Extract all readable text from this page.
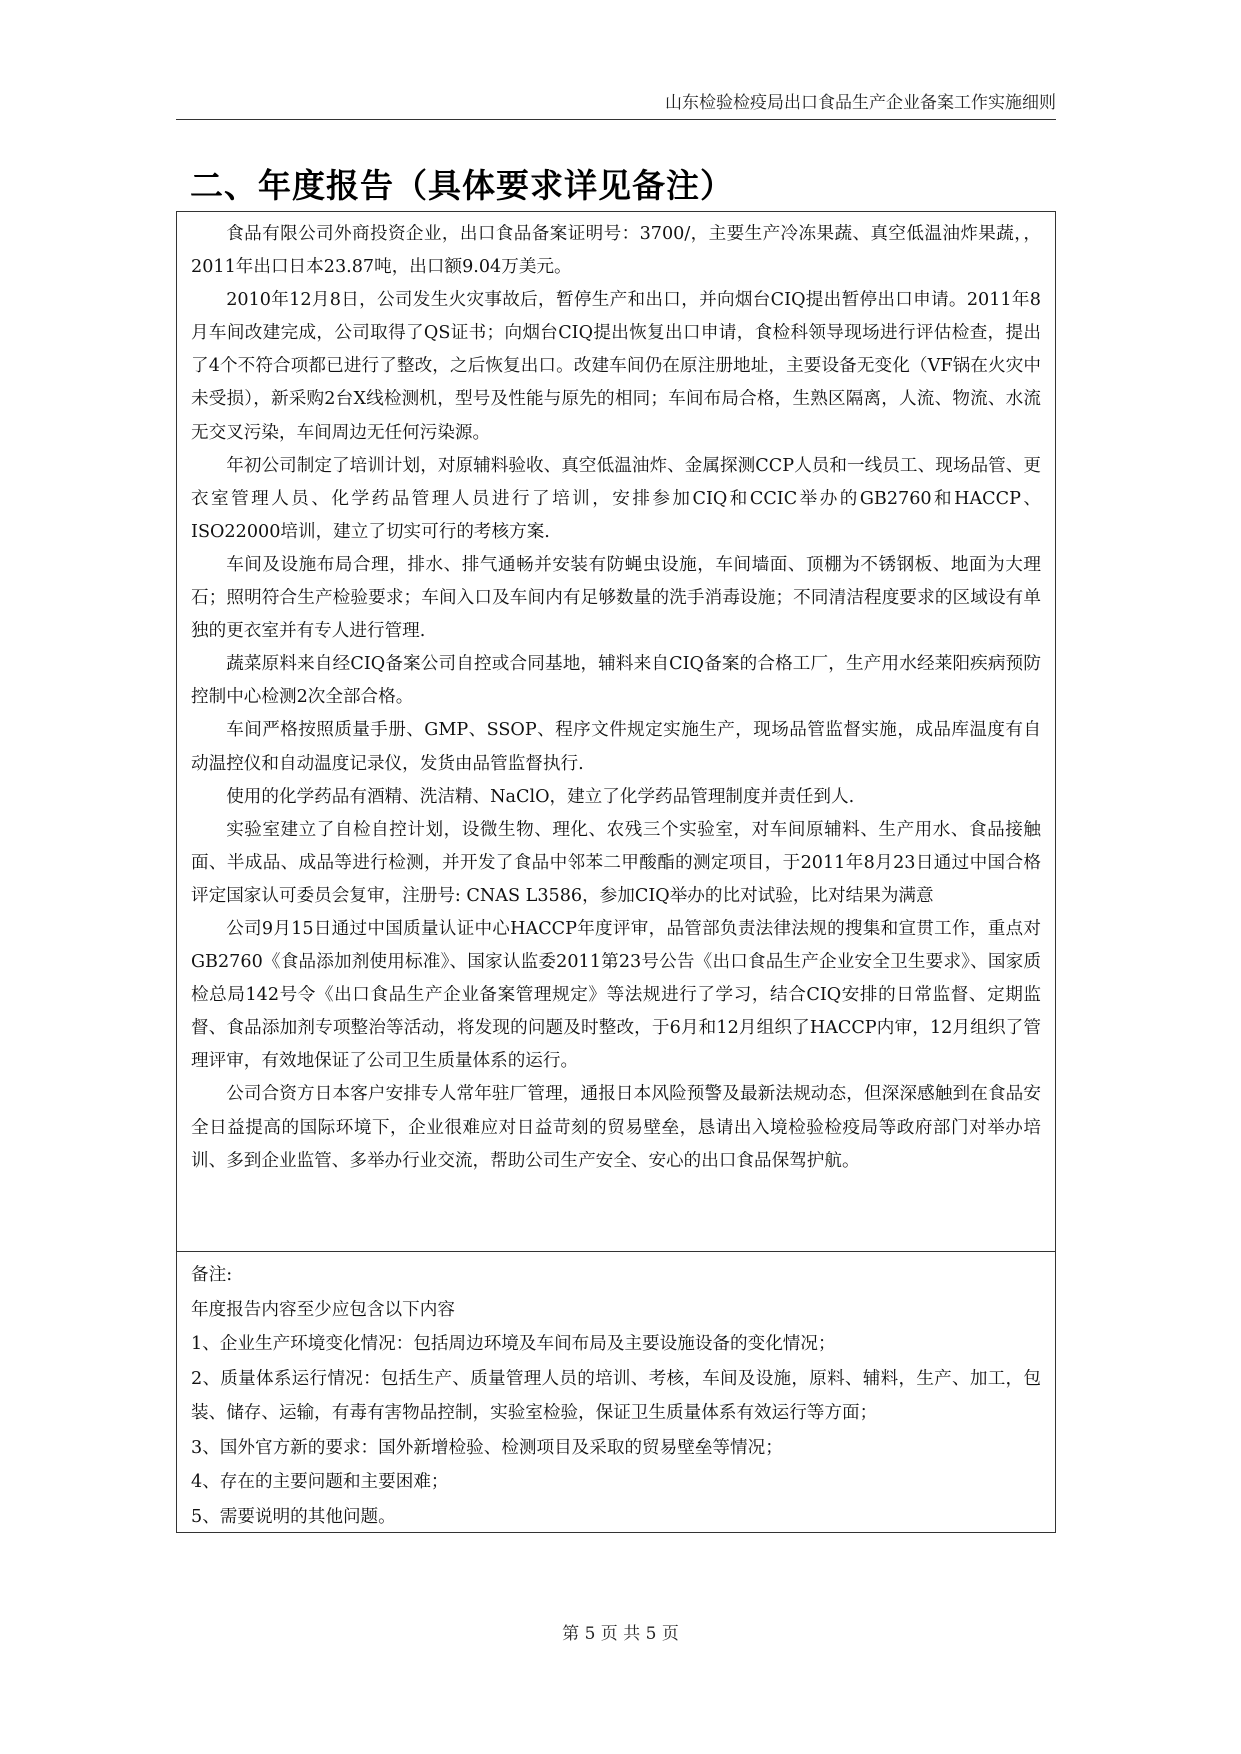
山东检验检疫局出口食品生产企业备案工作实施细则
二、年度报告（具体要求详见备注）

食品有限公司外商投资企业，出口食品备案证明号：3700/，主要生产冷冻果蔬、真空低温油炸果蔬，，2011年出口日本23.87吨，出口额9.04万美元。

2010年12月8日，公司发生火灾事故后，暂停生产和出口，并向烟台CIQ提出暂停出口申请。2011年8月车间改建完成，公司取得了QS证书；向烟台CIQ提出恢复出口申请，食检科领导现场进行评估检查，提出了4个不符合项都已进行了整改，之后恢复出口。改建车间仍在原注册地址，主要设备无变化（VF锅在火灾中未受损），新采购2台X线检测机，型号及性能与原先的相同；车间布局合格，生熟区隔离，人流、物流、水流无交叉污染，车间周边无任何污染源。

年初公司制定了培训计划，对原辅料验收、真空低温油炸、金属探测CCP人员和一线员工、现场品管、更衣室管理人员、化学药品管理人员进行了培训，安排参加CIQ和CCIC举办的GB2760和HACCP、ISO22000培训，建立了切实可行的考核方案.

车间及设施布局合理，排水、排气通畅并安装有防蝇虫设施，车间墙面、顶棚为不锈钢板、地面为大理石；照明符合生产检验要求；车间入口及车间内有足够数量的洗手消毒设施；不同清洁程度要求的区域设有单独的更衣室并有专人进行管理.

蔬菜原料来自经CIQ备案公司自控或合同基地，辅料来自CIQ备案的合格工厂，生产用水经莱阳疾病预防控制中心检测2次全部合格。

车间严格按照质量手册、GMP、SSOP、程序文件规定实施生产，现场品管监督实施，成品库温度有自动温控仪和自动温度记录仪，发货由品管监督执行.

使用的化学药品有酒精、洗洁精、NaClO，建立了化学药品管理制度并责任到人.

实验室建立了自检自控计划，设微生物、理化、农残三个实验室，对车间原辅料、生产用水、食品接触面、半成品、成品等进行检测，并开发了食品中邻苯二甲酸酯的测定项目，于2011年8月23日通过中国合格评定国家认可委员会复审，注册号: CNAS L3586，参加CIQ举办的比对试验，比对结果为满意

公司9月15日通过中国质量认证中心HACCP年度评审，品管部负责法律法规的搜集和宣贯工作，重点对GB2760《食品添加剂使用标准》、国家认监委2011第23号公告《出口食品生产企业安全卫生要求》、国家质检总局142号令《出口食品生产企业备案管理规定》等法规进行了学习，结合CIQ安排的日常监督、定期监督、食品添加剂专项整治等活动，将发现的问题及时整改，于6月和12月组织了HACCP内审，12月组织了管理评审，有效地保证了公司卫生质量体系的运行。

公司合资方日本客户安排专人常年驻厂管理，通报日本风险预警及最新法规动态，但深深感触到在食品安全日益提高的国际环境下，企业很难应对日益苛刻的贸易壁垒，恳请出入境检验检疫局等政府部门对举办培训、多到企业监管、多举办行业交流，帮助公司生产安全、安心的出口食品保驾护航。

备注:

年度报告内容至少应包含以下内容

1、企业生产环境变化情况：包括周边环境及车间布局及主要设施设备的变化情况；

2、质量体系运行情况：包括生产、质量管理人员的培训、考核，车间及设施，原料、辅料，生产、加工，包装、储存、运输，有毒有害物品控制，实验室检验，保证卫生质量体系有效运行等方面；

3、国外官方新的要求：国外新增检验、检测项目及采取的贸易壁垒等情况；

4、存在的主要问题和主要困难；

5、需要说明的其他问题。

第 5 页 共 5 页
